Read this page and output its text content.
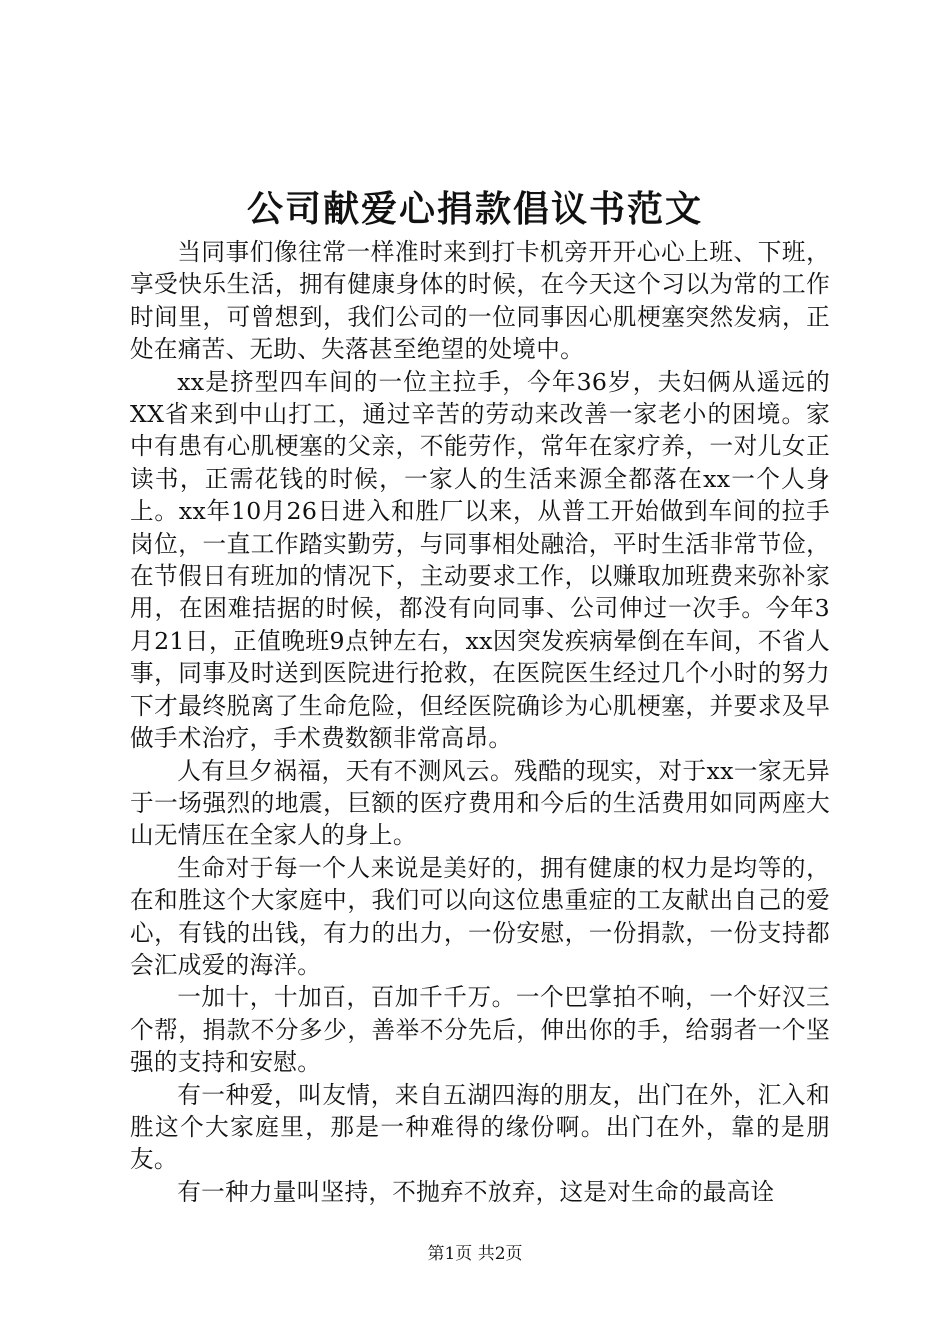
公司献爱心捐款倡议书范文

当同事们像往常一样准时来到打卡机旁开开心心上班、下班，享受快乐生活，拥有健康身体的时候，在今天这个习以为常的工作时间里，可曾想到，我们公司的一位同事因心肌梗塞突然发病，正处在痛苦、无助、失落甚至绝望的处境中。

xx是挤型四车间的一位主拉手，今年36岁，夫妇俩从遥远的XX省来到中山打工，通过辛苦的劳动来改善一家老小的困境。家中有患有心肌梗塞的父亲，不能劳作，常年在家疗养，一对儿女正读书，正需花钱的时候，一家人的生活来源全都落在xx一个人身上。xx年10月26日进入和胜厂以来，从普工开始做到车间的拉手岗位，一直工作踏实勤劳，与同事相处融洽，平时生活非常节俭，在节假日有班加的情况下，主动要求工作，以赚取加班费来弥补家用，在困难拮据的时候，都没有向同事、公司伸过一次手。今年3月21日，正值晚班9点钟左右，xx因突发疾病晕倒在车间，不省人事，同事及时送到医院进行抢救，在医院医生经过几个小时的努力下才最终脱离了生命危险，但经医院确诊为心肌梗塞，并要求及早做手术治疗，手术费数额非常高昂。

人有旦夕祸福，天有不测风云。残酷的现实，对于xx一家无异于一场强烈的地震，巨额的医疗费用和今后的生活费用如同两座大山无情压在全家人的身上。

生命对于每一个人来说是美好的，拥有健康的权力是均等的，在和胜这个大家庭中，我们可以向这位患重症的工友献出自己的爱心，有钱的出钱，有力的出力，一份安慰，一份捐款，一份支持都会汇成爱的海洋。

一加十，十加百，百加千千万。一个巴掌拍不响，一个好汉三个帮，捐款不分多少，善举不分先后，伸出你的手，给弱者一个坚强的支持和安慰。

有一种爱，叫友情，来自五湖四海的朋友，出门在外，汇入和胜这个大家庭里，那是一种难得的缘份啊。出门在外，靠的是朋友。

有一种力量叫坚持，不抛弃不放弃，这是对生命的最高诠

第1页 共2页
